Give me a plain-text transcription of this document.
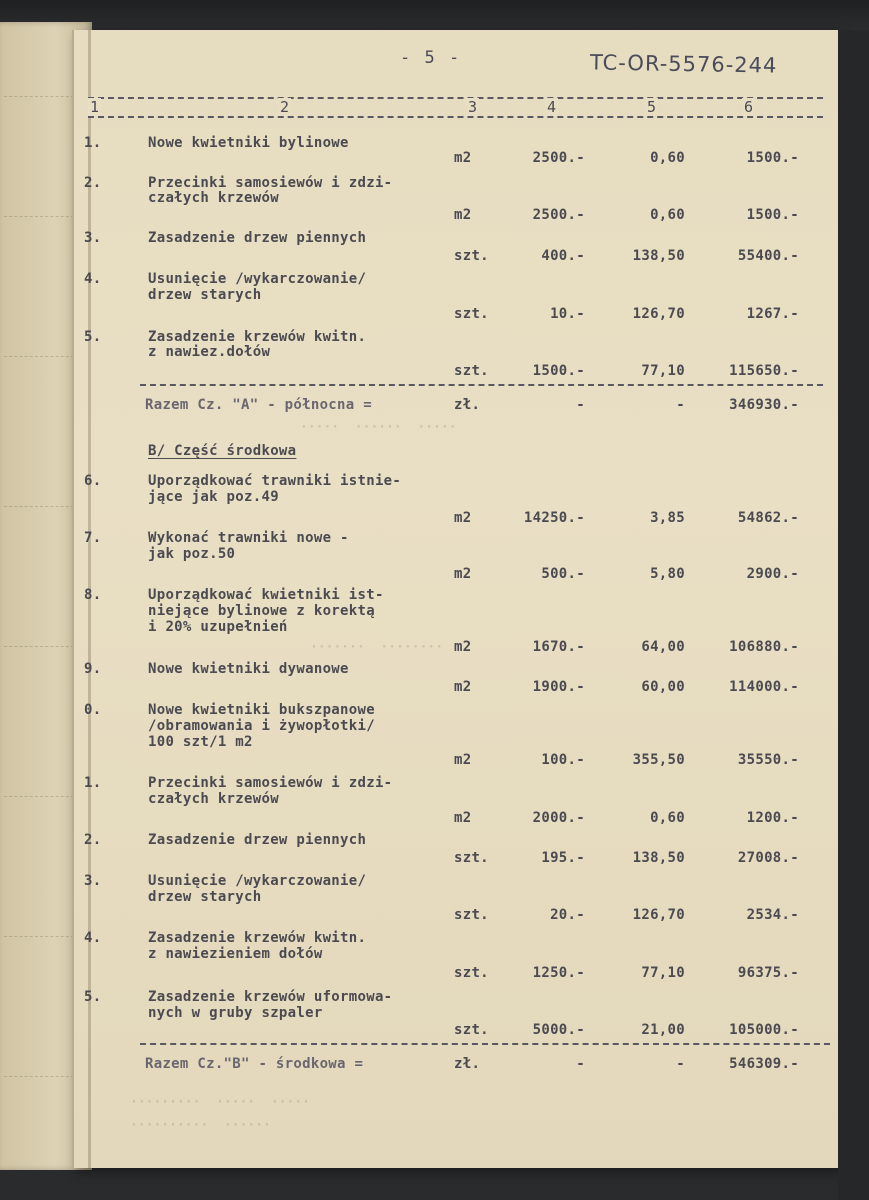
- 5 -	TC-OR-5576-244
1	2	3	4	5	6
·····  ······  ·····
·······  ········
·········  ·····  ·····
··········  ······
1.	Nowe kwietniki bylinowe
m2	2500.-	0,60	1500.-
2.	Przecinki samosiewów i zdzi-
czałych krzewów
m2	2500.-	0,60	1500.-
3.	Zasadzenie drzew piennych
szt.	400.-	138,50	55400.-
4.	Usunięcie /wykarczowanie/
drzew starych
szt.	10.-	126,70	1267.-
5.	Zasadzenie krzewów kwitn.
z nawiez.dołów
szt.	1500.-	77,10	115650.-
Razem Cz. "A" - północna =	zł.	-	-	346930.-
B/ Część środkowa
6.	Uporządkować trawniki istnie-
jące jak poz.49
m2	14250.-	3,85	54862.-
7.	Wykonać trawniki nowe -
jak poz.50
m2	500.-	5,80	2900.-
8.	Uporządkować kwietniki ist-
niejące bylinowe z korektą
i 20% uzupełnień
m2	1670.-	64,00	106880.-
9.	Nowe kwietniki dywanowe
m2	1900.-	60,00	114000.-
0.	Nowe kwietniki bukszpanowe
/obramowania i żywopłotki/
100 szt/1 m2
m2	100.-	355,50	35550.-
1.	Przecinki samosiewów i zdzi-
czałych krzewów
m2	2000.-	0,60	1200.-
2.	Zasadzenie drzew piennych
szt.	195.-	138,50	27008.-
3.	Usunięcie /wykarczowanie/
drzew starych
szt.	20.-	126,70	2534.-
4.	Zasadzenie krzewów kwitn.
z nawiezieniem dołów
szt.	1250.-	77,10	96375.-
5.	Zasadzenie krzewów uformowa-
nych w gruby szpaler
szt.	5000.-	21,00	105000.-
Razem Cz."B" - środkowa =	zł.	-	-	546309.-
